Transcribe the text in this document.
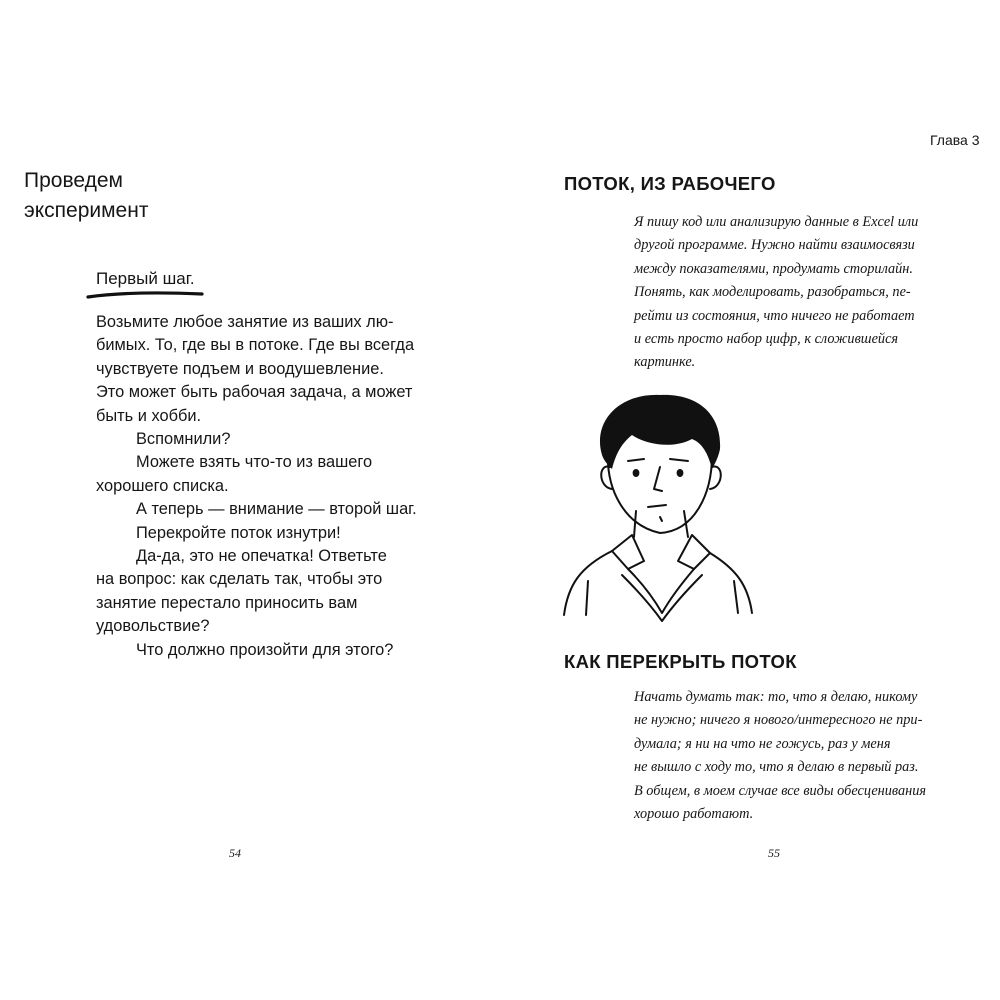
Проведем
эксперимент
Первый шаг.
Возьмите любое занятие из ваших лю-
бимых. То, где вы в потоке. Где вы всегда
чувствуете подъем и воодушевление.
Это может быть рабочая задача, а может
быть и хобби.
Вспомнили?
Можете взять что-то из вашего
хорошего списка.
А теперь — внимание — второй шаг.
Перекройте поток изнутри!
Да-да, это не опечатка! Ответьте
на вопрос: как сделать так, чтобы это
занятие перестало приносить вам
удовольствие?
Что должно произойти для этого?
54
Глава 3
ПОТОК, ИЗ РАБОЧЕГО
Я пишу код или анализирую данные в Excel или
другой программе. Нужно найти взаимосвязи
между показателями, продумать сторилайн.
Понять, как моделировать, разобраться, пе-
рейти из состояния, что ничего не работает
и есть просто набор цифр, к сложившейся
картинке.
КАК ПЕРЕКРЫТЬ ПОТОК
Начать думать так: то, что я делаю, никому
не нужно; ничего я нового/интересного не при-
думала; я ни на что не гожусь, раз у меня
не вышло с ходу то, что я делаю в первый раз.
В общем, в моем случае все виды обесценивания
хорошо работают.
55
